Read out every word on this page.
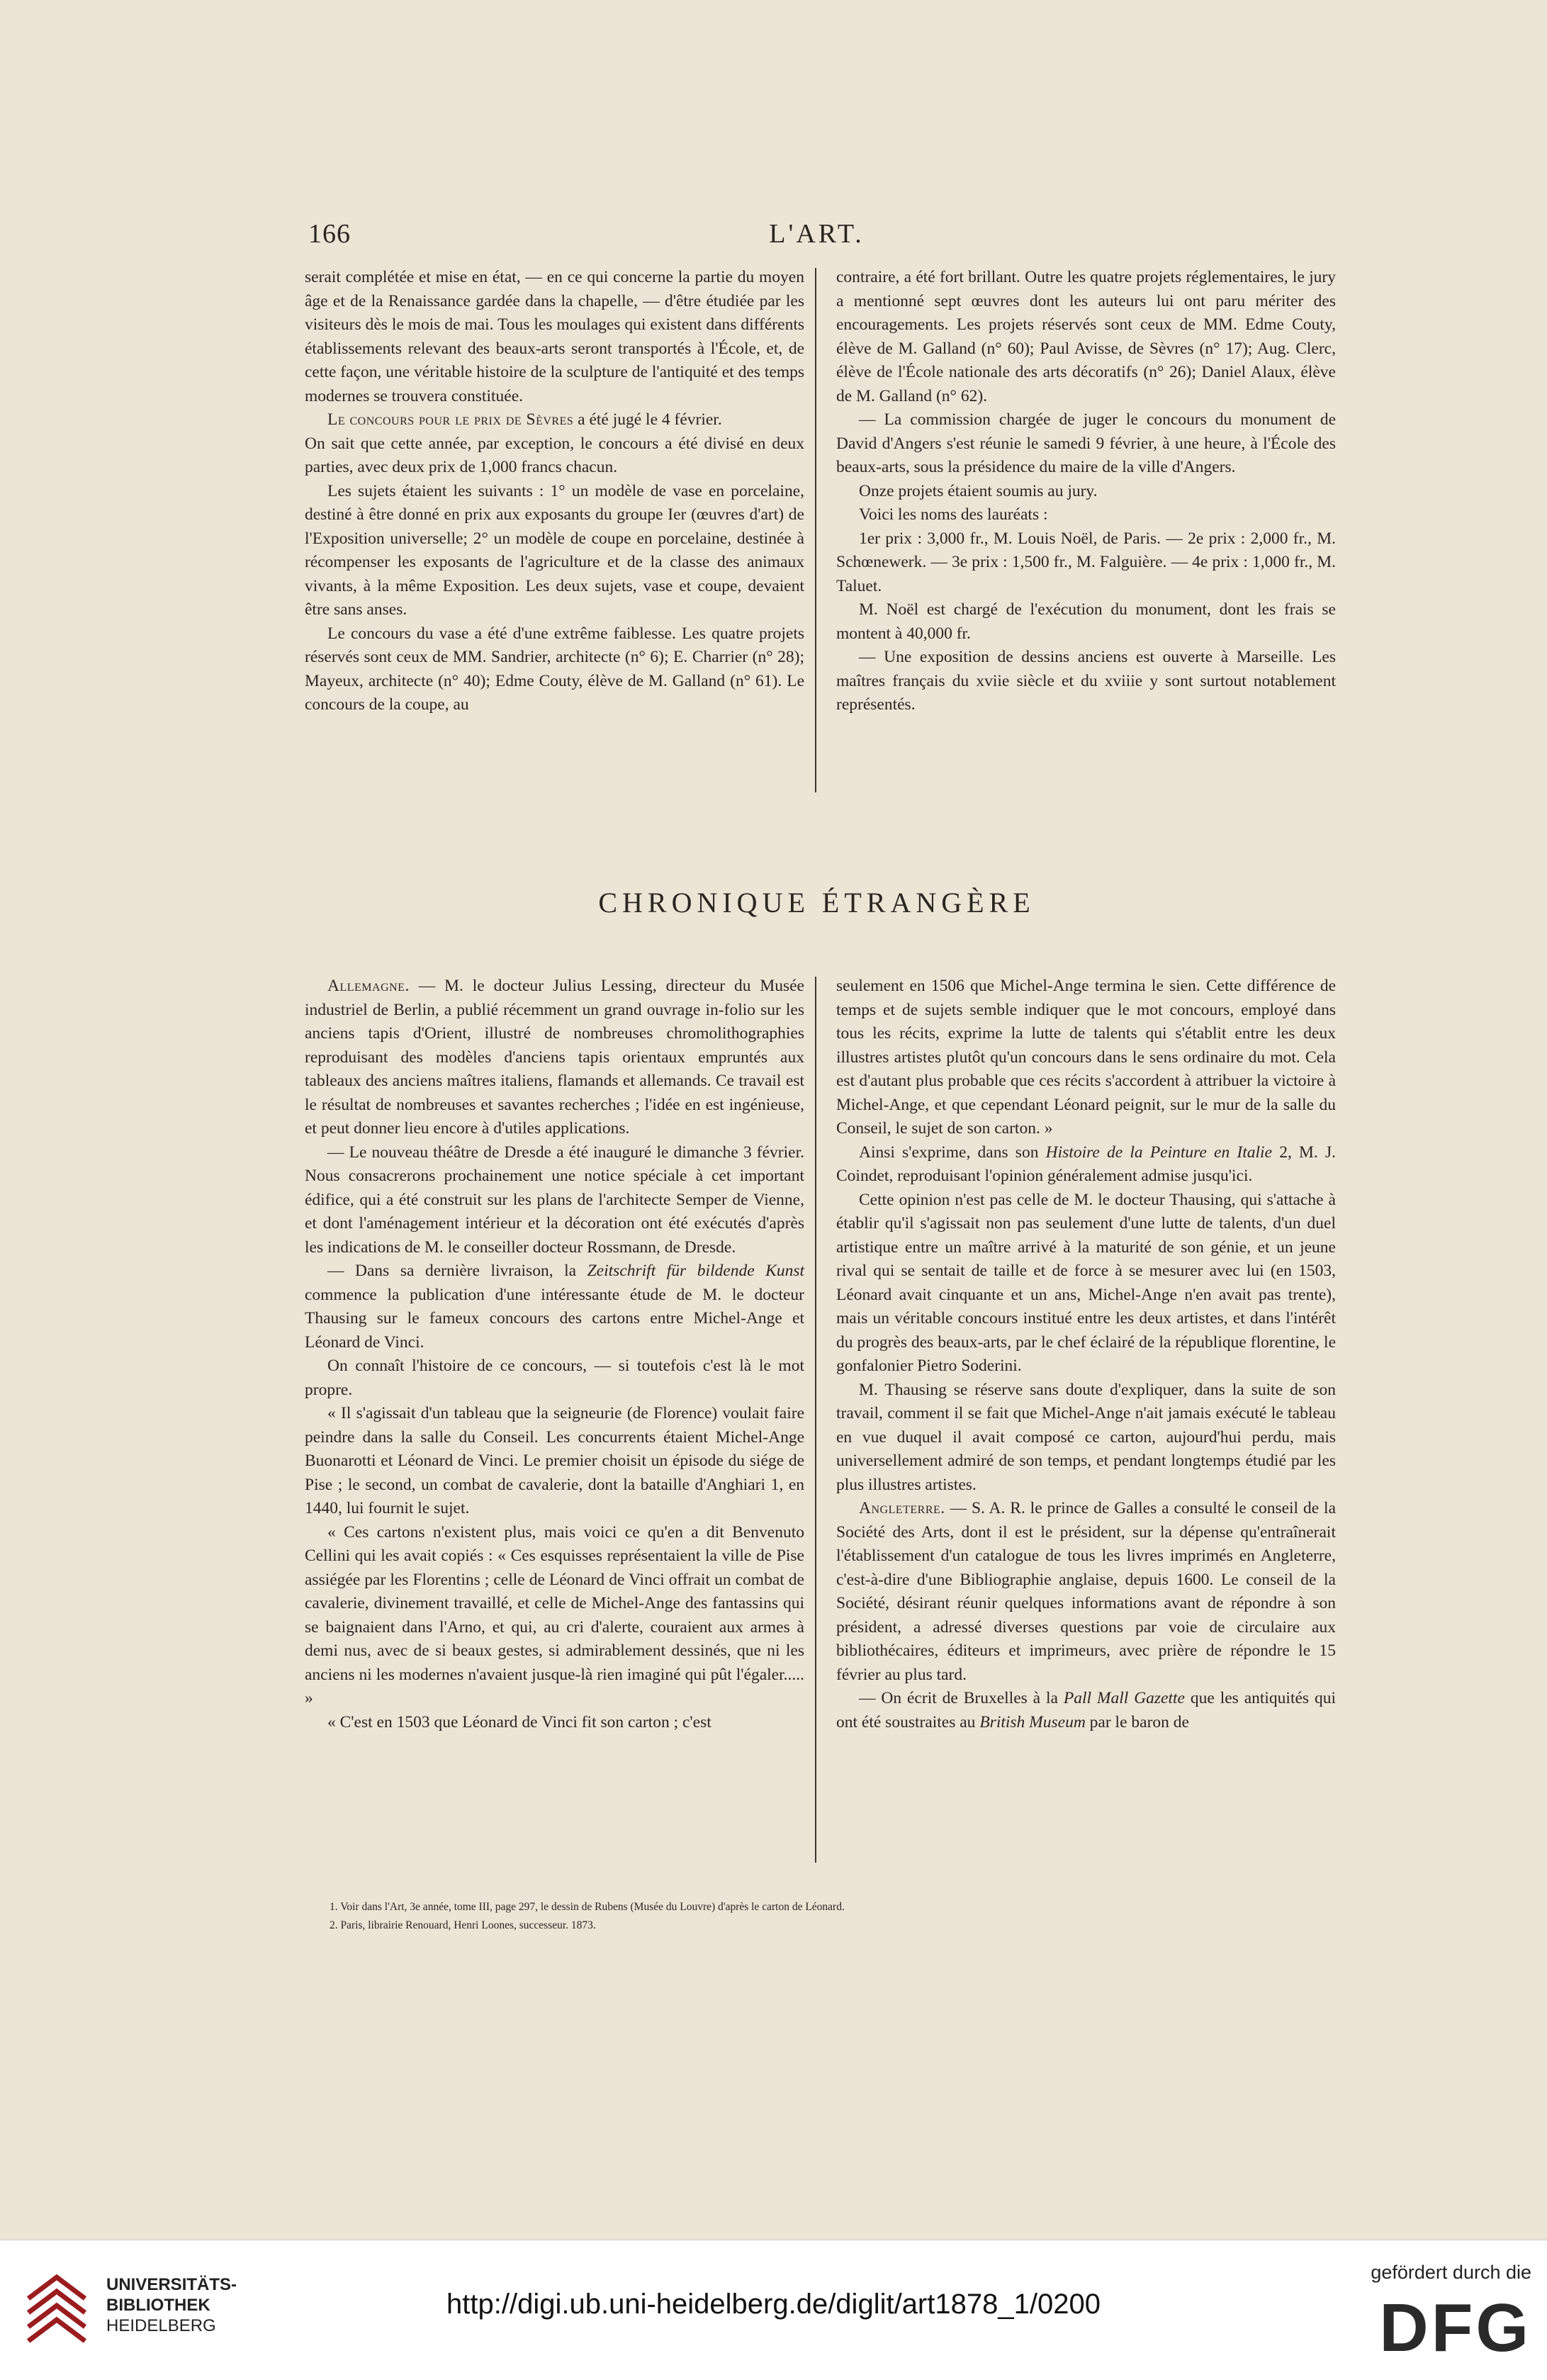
166	L'ART.

serait complétée et mise en état, — en ce qui concerne la partie du moyen âge et de la Renaissance gardée dans la chapelle, — d'être étudiée par les visiteurs dès le mois de mai. Tous les moulages qui existent dans différents établissements relevant des beaux-arts seront transportés à l'École, et, de cette façon, une véritable histoire de la sculpture de l'antiquité et des temps modernes se trouvera constituée.

Le concours pour le prix de Sèvres a été jugé le 4 février.

On sait que cette année, par exception, le concours a été divisé en deux parties, avec deux prix de 1,000 francs chacun.

Les sujets étaient les suivants : 1° un modèle de vase en porcelaine, destiné à être donné en prix aux exposants du groupe Ier (œuvres d'art) de l'Exposition universelle; 2° un modèle de coupe en porcelaine, destinée à récompenser les exposants de l'agriculture et de la classe des animaux vivants, à la même Exposition. Les deux sujets, vase et coupe, devaient être sans anses.

Le concours du vase a été d'une extrême faiblesse. Les quatre projets réservés sont ceux de MM. Sandrier, architecte (n° 6); E. Charrier (n° 28); Mayeux, architecte (n° 40); Edme Couty, élève de M. Galland (n° 61). Le concours de la coupe, au

contraire, a été fort brillant. Outre les quatre projets réglementaires, le jury a mentionné sept œuvres dont les auteurs lui ont paru mériter des encouragements. Les projets réservés sont ceux de MM. Edme Couty, élève de M. Galland (n° 60); Paul Avisse, de Sèvres (n° 17); Aug. Clerc, élève de l'École nationale des arts décoratifs (n° 26); Daniel Alaux, élève de M. Galland (n° 62).

— La commission chargée de juger le concours du monument de David d'Angers s'est réunie le samedi 9 février, à une heure, à l'École des beaux-arts, sous la présidence du maire de la ville d'Angers.

Onze projets étaient soumis au jury.

Voici les noms des lauréats :

1er prix : 3,000 fr., M. Louis Noël, de Paris. — 2e prix : 2,000 fr., M. Schœnewerk. — 3e prix : 1,500 fr., M. Falguière. — 4e prix : 1,000 fr., M. Taluet.

M. Noël est chargé de l'exécution du monument, dont les frais se montent à 40,000 fr.

— Une exposition de dessins anciens est ouverte à Marseille. Les maîtres français du xviie siècle et du xviiie y sont surtout notablement représentés.

CHRONIQUE ÉTRANGÈRE

Allemagne. — M. le docteur Julius Lessing, directeur du Musée industriel de Berlin, a publié récemment un grand ouvrage in-folio sur les anciens tapis d'Orient, illustré de nombreuses chromolithographies reproduisant des modèles d'anciens tapis orientaux empruntés aux tableaux des anciens maîtres italiens, flamands et allemands. Ce travail est le résultat de nombreuses et savantes recherches ; l'idée en est ingénieuse, et peut donner lieu encore à d'utiles applications.

— Le nouveau théâtre de Dresde a été inauguré le dimanche 3 février. Nous consacrerons prochainement une notice spéciale à cet important édifice, qui a été construit sur les plans de l'architecte Semper de Vienne, et dont l'aménagement intérieur et la décoration ont été exécutés d'après les indications de M. le conseiller docteur Rossmann, de Dresde.

— Dans sa dernière livraison, la Zeitschrift für bildende Kunst commence la publication d'une intéressante étude de M. le docteur Thausing sur le fameux concours des cartons entre Michel-Ange et Léonard de Vinci.

On connaît l'histoire de ce concours, — si toutefois c'est là le mot propre.

« Il s'agissait d'un tableau que la seigneurie (de Florence) voulait faire peindre dans la salle du Conseil. Les concurrents étaient Michel-Ange Buonarotti et Léonard de Vinci. Le premier choisit un épisode du siége de Pise ; le second, un combat de cavalerie, dont la bataille d'Anghiari 1, en 1440, lui fournit le sujet.

« Ces cartons n'existent plus, mais voici ce qu'en a dit Benvenuto Cellini qui les avait copiés : « Ces esquisses représentaient la ville de Pise assiégée par les Florentins ; celle de Léonard de Vinci offrait un combat de cavalerie, divinement travaillé, et celle de Michel-Ange des fantassins qui se baignaient dans l'Arno, et qui, au cri d'alerte, couraient aux armes à demi nus, avec de si beaux gestes, si admirablement dessinés, que ni les anciens ni les modernes n'avaient jusque-là rien imaginé qui pût l'égaler..... »

« C'est en 1503 que Léonard de Vinci fit son carton ; c'est

seulement en 1506 que Michel-Ange termina le sien. Cette différence de temps et de sujets semble indiquer que le mot concours, employé dans tous les récits, exprime la lutte de talents qui s'établit entre les deux illustres artistes plutôt qu'un concours dans le sens ordinaire du mot. Cela est d'autant plus probable que ces récits s'accordent à attribuer la victoire à Michel-Ange, et que cependant Léonard peignit, sur le mur de la salle du Conseil, le sujet de son carton. »

Ainsi s'exprime, dans son Histoire de la Peinture en Italie 2, M. J. Coindet, reproduisant l'opinion généralement admise jusqu'ici.

Cette opinion n'est pas celle de M. le docteur Thausing, qui s'attache à établir qu'il s'agissait non pas seulement d'une lutte de talents, d'un duel artistique entre un maître arrivé à la maturité de son génie, et un jeune rival qui se sentait de taille et de force à se mesurer avec lui (en 1503, Léonard avait cinquante et un ans, Michel-Ange n'en avait pas trente), mais un véritable concours institué entre les deux artistes, et dans l'intérêt du progrès des beaux-arts, par le chef éclairé de la république florentine, le gonfalonier Pietro Soderini.

M. Thausing se réserve sans doute d'expliquer, dans la suite de son travail, comment il se fait que Michel-Ange n'ait jamais exécuté le tableau en vue duquel il avait composé ce carton, aujourd'hui perdu, mais universellement admiré de son temps, et pendant longtemps étudié par les plus illustres artistes.

Angleterre. — S. A. R. le prince de Galles a consulté le conseil de la Société des Arts, dont il est le président, sur la dépense qu'entraînerait l'établissement d'un catalogue de tous les livres imprimés en Angleterre, c'est-à-dire d'une Bibliographie anglaise, depuis 1600. Le conseil de la Société, désirant réunir quelques informations avant de répondre à son président, a adressé diverses questions par voie de circulaire aux bibliothécaires, éditeurs et imprimeurs, avec prière de répondre le 15 février au plus tard.

— On écrit de Bruxelles à la Pall Mall Gazette que les antiquités qui ont été soustraites au British Museum par le baron de

1. Voir dans l'Art, 3e année, tome III, page 297, le dessin de Rubens (Musée du Louvre) d'après le carton de Léonard.
2. Paris, librairie Renouard, Henri Loones, successeur. 1873.
UNIVERSITÄTS-
BIBLIOTHEK
HEIDELBERG
http://digi.ub.uni-heidelberg.de/diglit/art1878_1/0200
gefördert durch die
DFG
